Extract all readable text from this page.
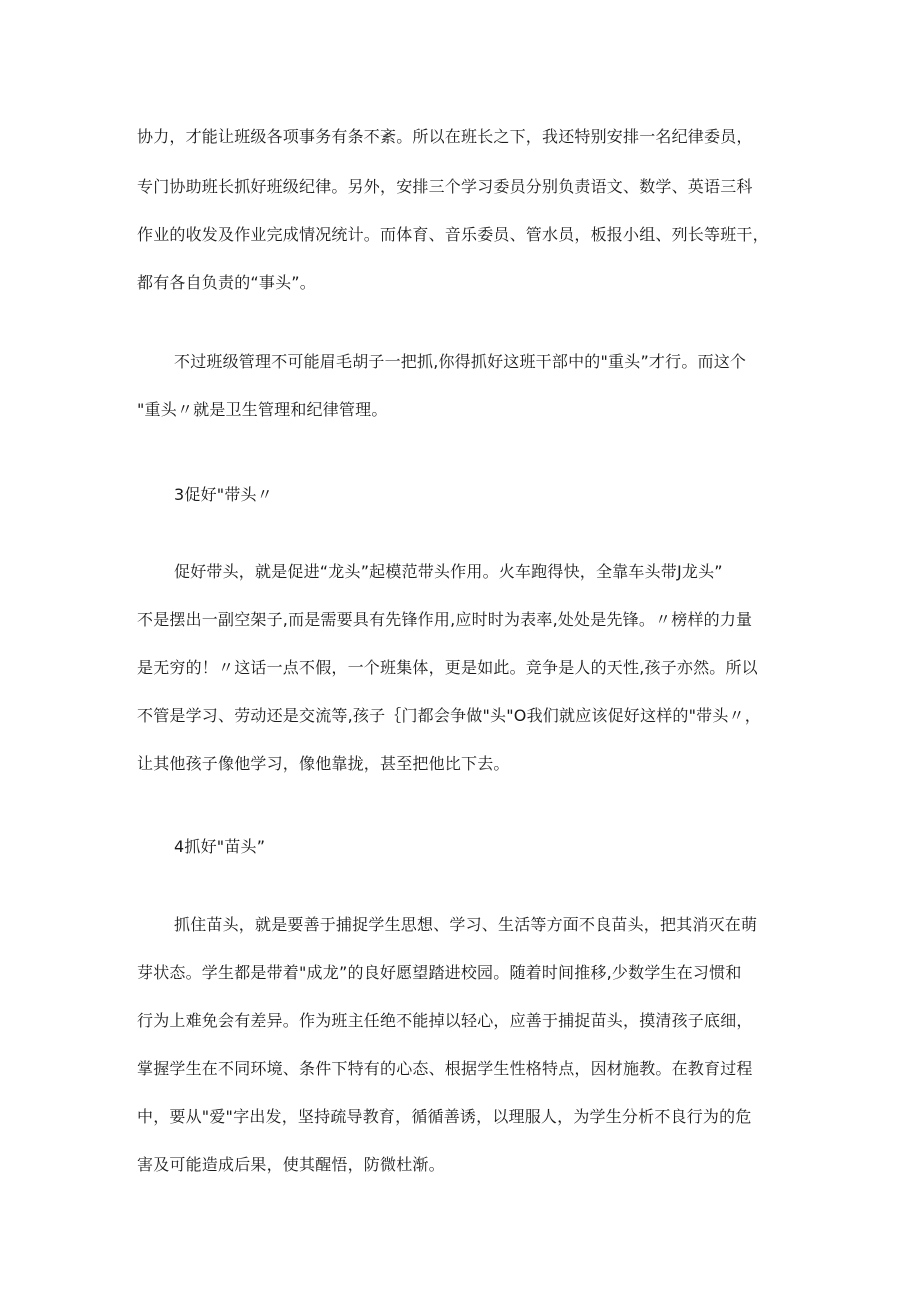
协力，才能让班级各项事务有条不紊。所以在班长之下，我还特别安排一名纪律委员，
专门协助班长抓好班级纪律。另外，安排三个学习委员分别负责语文、数学、英语三科
作业的收发及作业完成情况统计。而体育、音乐委员、管水员，板报小组、列长等班干，
都有各自负责的“事头”。
不过班级管理不可能眉毛胡子一把抓,你得抓好这班干部中的"重头”才行。而这个
"重头〃就是卫生管理和纪律管理。
3促好"带头〃
促好带头，就是促进“龙头”起模范带头作用。火车跑得快，全靠车头带J龙头”
不是摆出一副空架子,而是需要具有先锋作用,应时时为表率,处处是先锋。〃榜样的力量
是无穷的！〃这话一点不假，一个班集体，更是如此。竞争是人的天性,孩子亦然。所以
不管是学习、劳动还是交流等,孩子｛门都会争做"头"O我们就应该促好这样的"带头〃，
让其他孩子像他学习，像他靠拢，甚至把他比下去。
4抓好"苗头”
抓住苗头，就是要善于捕捉学生思想、学习、生活等方面不良苗头，把其消灭在萌
芽状态。学生都是带着"成龙”的良好愿望踏进校园。随着时间推移,少数学生在习惯和
行为上难免会有差异。作为班主任绝不能掉以轻心，应善于捕捉苗头，摸清孩子底细，
掌握学生在不同环境、条件下特有的心态、根据学生性格特点，因材施教。在教育过程
中，要从"爱"字出发，坚持疏导教育，循循善诱，以理服人，为学生分析不良行为的危
害及可能造成后果，使其醒悟，防微杜渐。
